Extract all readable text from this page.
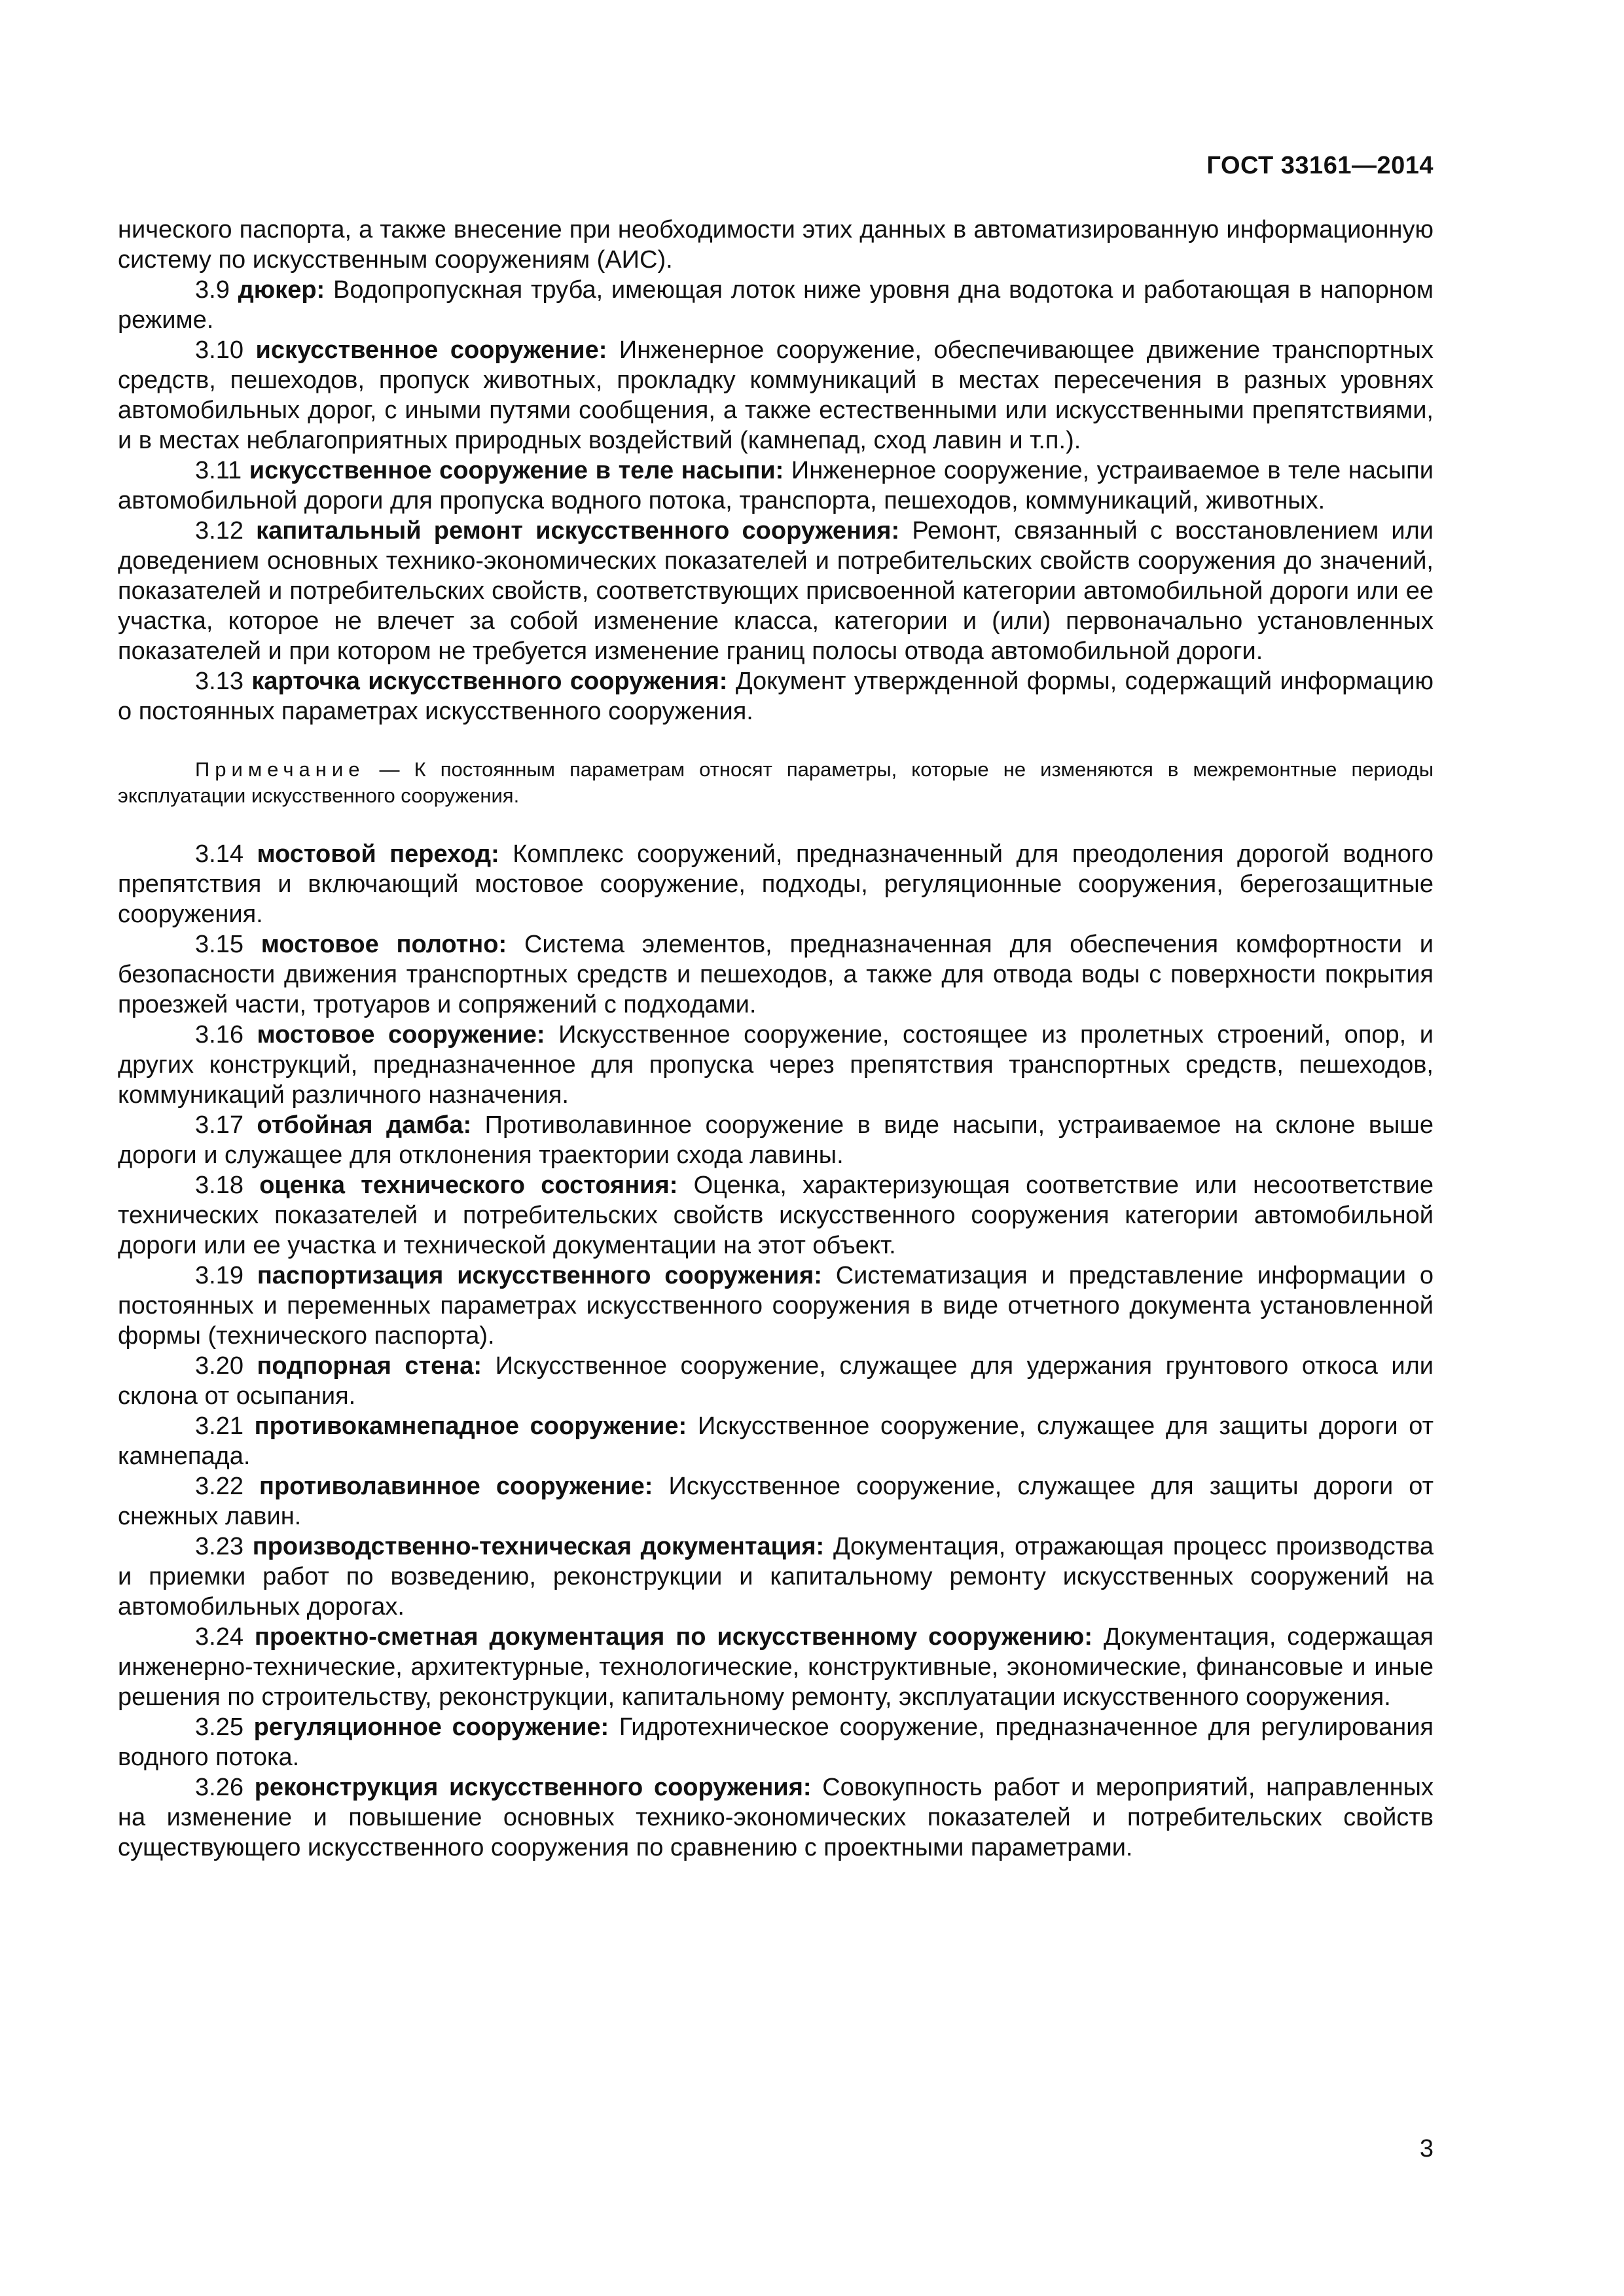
ГОСТ 33161—2014

нического паспорта, а также внесение при необходимости этих данных в автоматизированную информационную систему по искусственным сооружениям (АИС).

3.9 дюкер: Водопропускная труба, имеющая лоток ниже уровня дна водотока и работающая в напорном режиме.

3.10 искусственное сооружение: Инженерное сооружение, обеспечивающее движение транспортных средств, пешеходов, пропуск животных, прокладку коммуникаций в местах пересечения в разных уровнях автомобильных дорог, с иными путями сообщения, а также естественными или искусственными препятствиями, и в местах неблагоприятных природных воздействий (камнепад, сход лавин и т.п.).

3.11 искусственное сооружение в теле насыпи: Инженерное сооружение, устраиваемое в теле насыпи автомобильной дороги для пропуска водного потока, транспорта, пешеходов, коммуникаций, животных.

3.12 капитальный ремонт искусственного сооружения: Ремонт, связанный с восстановлением или доведением основных технико-экономических показателей и потребительских свойств сооружения до значений, показателей и потребительских свойств, соответствующих присвоенной категории автомобильной дороги или ее участка, которое не влечет за собой изменение класса, категории и (или) первоначально установленных показателей и при котором не требуется изменение границ полосы отвода автомобильной дороги.

3.13 карточка искусственного сооружения: Документ утвержденной формы, содержащий информацию о постоянных параметрах искусственного сооружения.

Примечание — К постоянным параметрам относят параметры, которые не изменяются в межремонтные периоды эксплуатации искусственного сооружения.

3.14 мостовой переход: Комплекс сооружений, предназначенный для преодоления дорогой водного препятствия и включающий мостовое сооружение, подходы, регуляционные сооружения, берегозащитные сооружения.

3.15 мостовое полотно: Система элементов, предназначенная для обеспечения комфортности и безопасности движения транспортных средств и пешеходов, а также для отвода воды с поверхности покрытия проезжей части, тротуаров и сопряжений с подходами.

3.16 мостовое сооружение: Искусственное сооружение, состоящее из пролетных строений, опор, и других конструкций, предназначенное для пропуска через препятствия транспортных средств, пешеходов, коммуникаций различного назначения.

3.17 отбойная дамба: Противолавинное сооружение в виде насыпи, устраиваемое на склоне выше дороги и служащее для отклонения траектории схода лавины.

3.18 оценка технического состояния: Оценка, характеризующая соответствие или несоответствие технических показателей и потребительских свойств искусственного сооружения категории автомобильной дороги или ее участка и технической документации на этот объект.

3.19 паспортизация искусственного сооружения: Систематизация и представление информации о постоянных и переменных параметрах искусственного сооружения в виде отчетного документа установленной формы (технического паспорта).

3.20 подпорная стена: Искусственное сооружение, служащее для удержания грунтового откоса или склона от осыпания.

3.21 противокамнепадное сооружение: Искусственное сооружение, служащее для защиты дороги от камнепада.

3.22 противолавинное сооружение: Искусственное сооружение, служащее для защиты дороги от снежных лавин.

3.23 производственно-техническая документация: Документация, отражающая процесс производства и приемки работ по возведению, реконструкции и капитальному ремонту искусственных сооружений на автомобильных дорогах.

3.24 проектно-сметная документация по искусственному сооружению: Документация, содержащая инженерно-технические, архитектурные, технологические, конструктивные, экономические, финансовые и иные решения по строительству, реконструкции, капитальному ремонту, эксплуатации искусственного сооружения.

3.25 регуляционное сооружение: Гидротехническое сооружение, предназначенное для регулирования водного потока.

3.26 реконструкция искусственного сооружения: Совокупность работ и мероприятий, направленных на изменение и повышение основных технико-экономических показателей и потребительских свойств существующего искусственного сооружения по сравнению с проектными параметрами.

3
